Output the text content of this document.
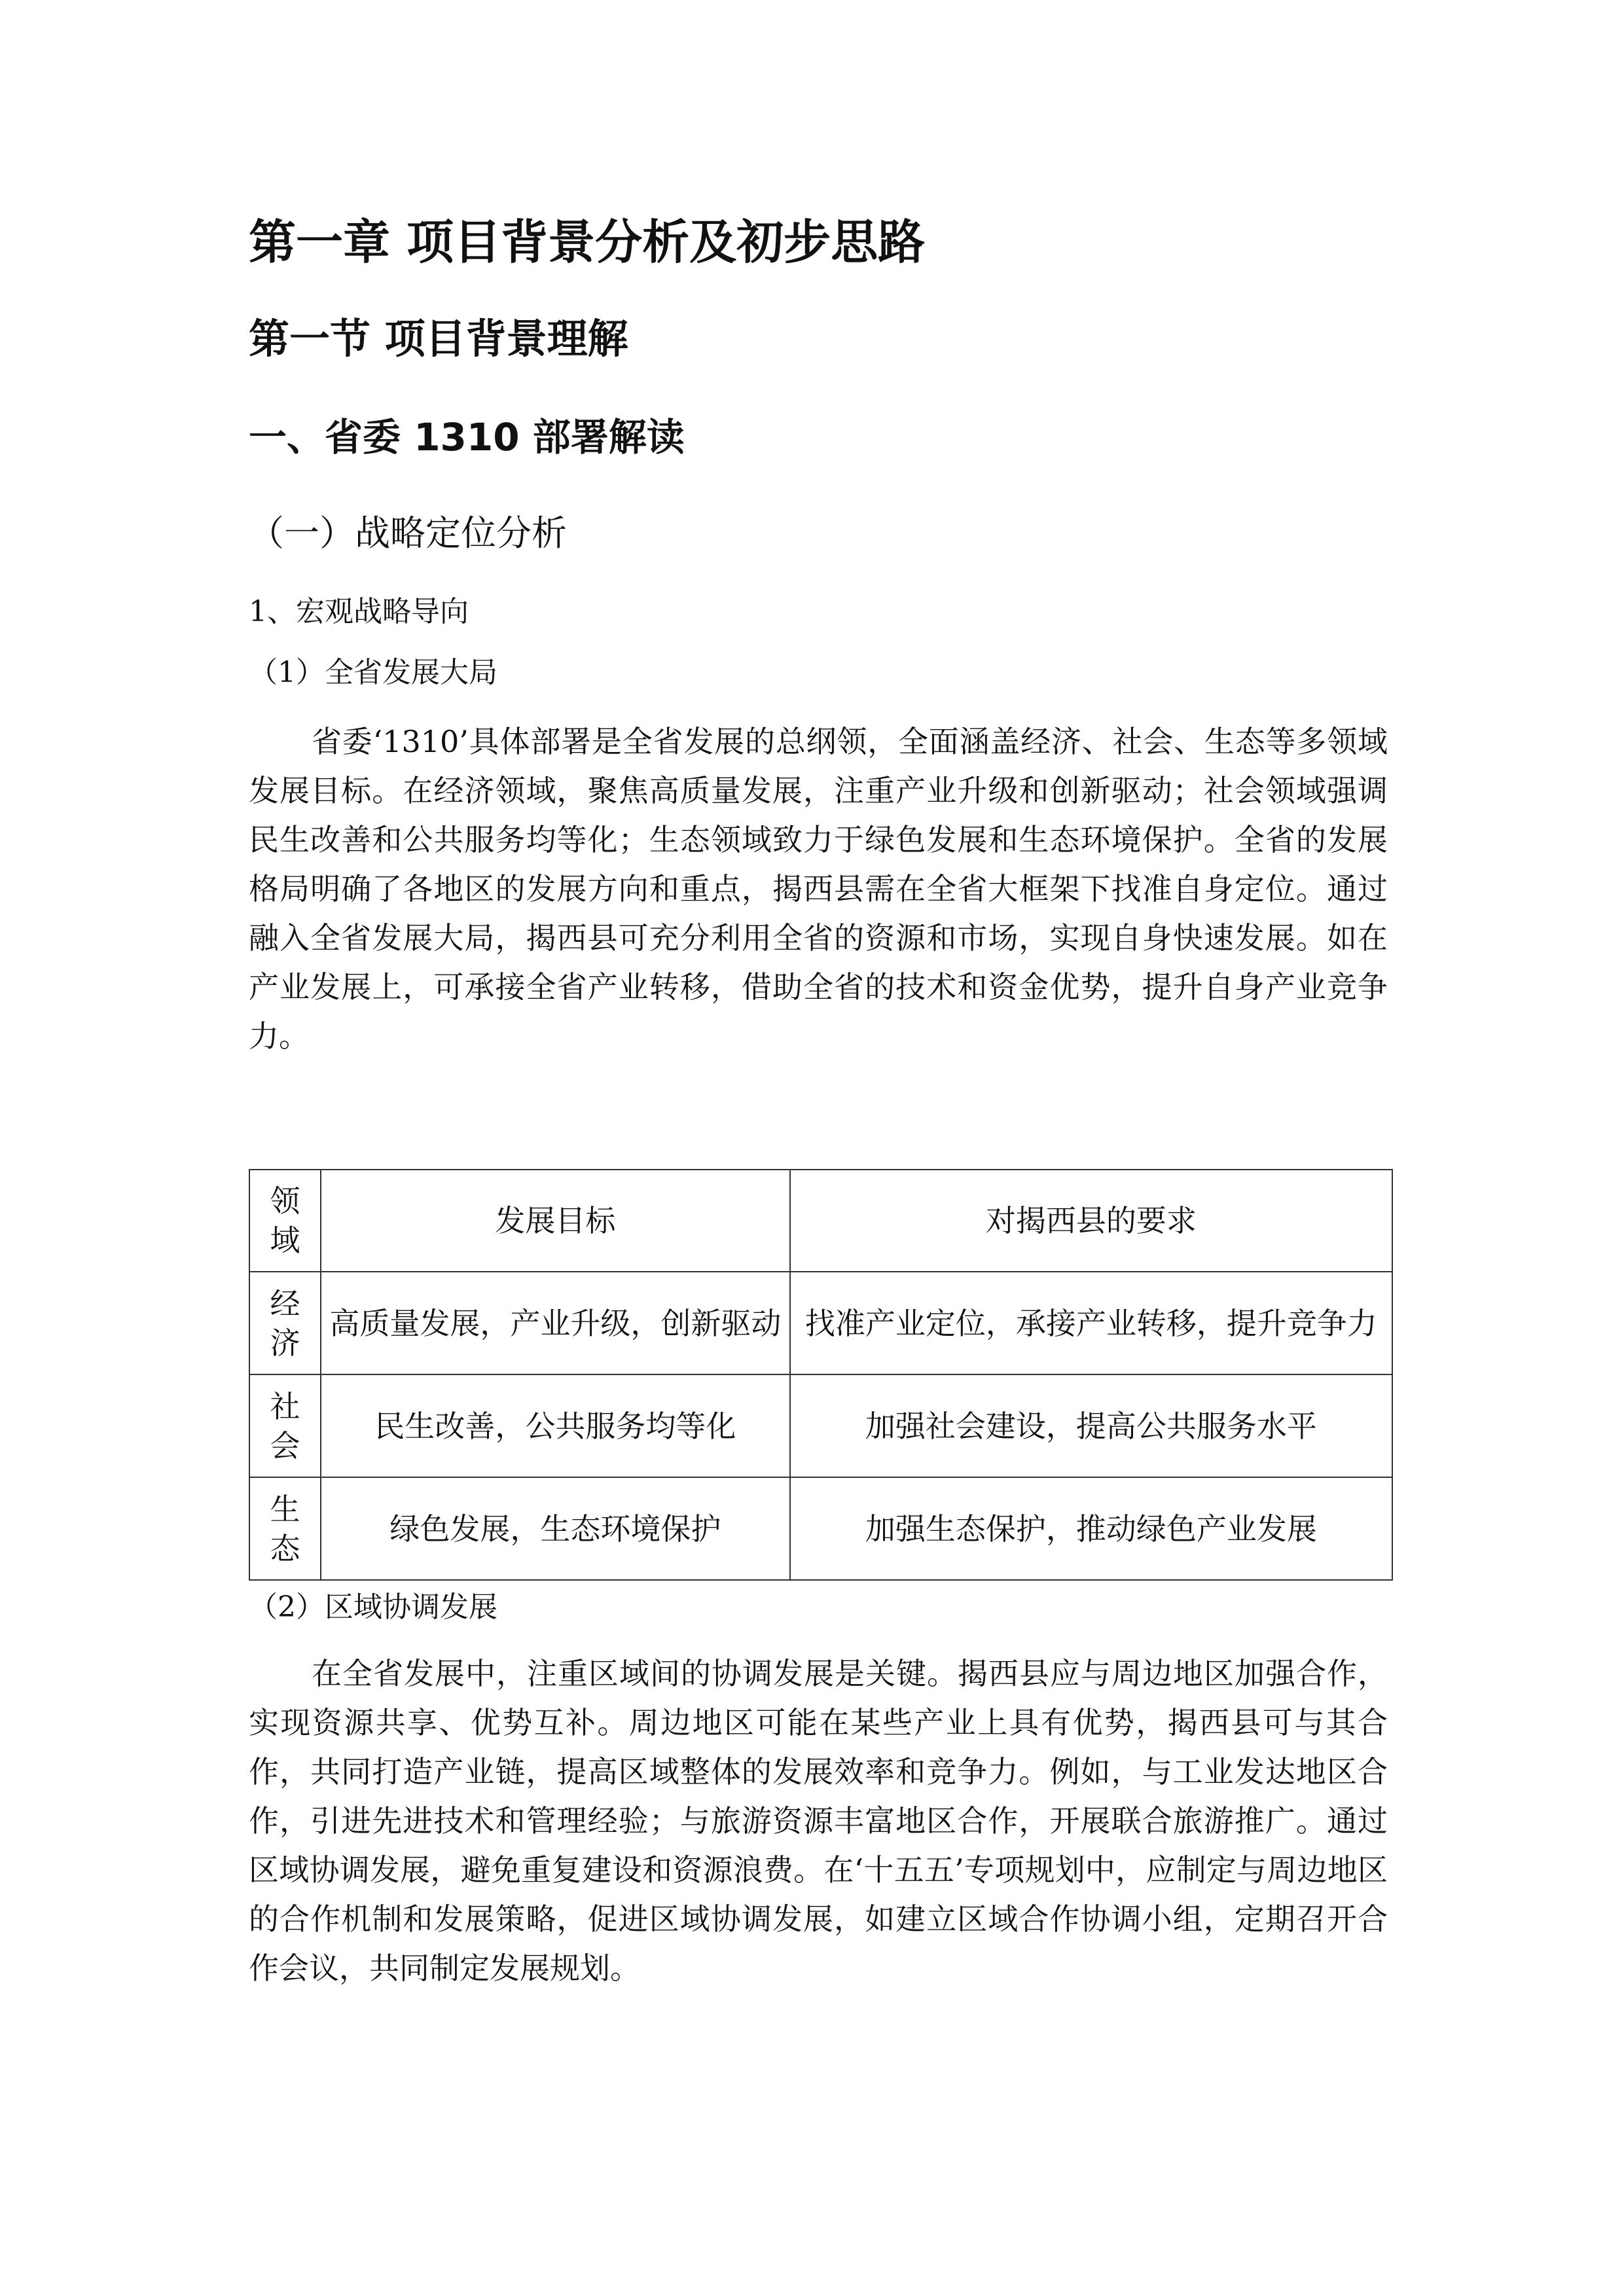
第一章 项目背景分析及初步思路
第一节 项目背景理解
一、省委 1310 部署解读
（一）战略定位分析
1、宏观战略导向
（1）全省发展大局
省委‘1310’具体部署是全省发展的总纲领，全面涵盖经济、社会、生态等多领域发展目标。在经济领域，聚焦高质量发展，注重产业升级和创新驱动；社会领域强调民生改善和公共服务均等化；生态领域致力于绿色发展和生态环境保护。全省的发展格局明确了各地区的发展方向和重点，揭西县需在全省大框架下找准自身定位。通过融入全省发展大局，揭西县可充分利用全省的资源和市场，实现自身快速发展。如在产业发展上，可承接全省产业转移，借助全省的技术和资金优势，提升自身产业竞争力。
领域	发展目标	对揭西县的要求

经济	高质量发展，产业升级，创新驱动	找准产业定位，承接产业转移，提升竞争力

社会	民生改善，公共服务均等化	加强社会建设，提高公共服务水平

生态	绿色发展，生态环境保护	加强生态保护，推动绿色产业发展
（2）区域协调发展
在全省发展中，注重区域间的协调发展是关键。揭西县应与周边地区加强合作，实现资源共享、优势互补。周边地区可能在某些产业上具有优势，揭西县可与其合作，共同打造产业链，提高区域整体的发展效率和竞争力。例如，与工业发达地区合作，引进先进技术和管理经验；与旅游资源丰富地区合作，开展联合旅游推广。通过区域协调发展，避免重复建设和资源浪费。在‘十五五’专项规划中，应制定与周边地区的合作机制和发展策略，促进区域协调发展，如建立区域合作协调小组，定期召开合作会议，共同制定发展规划。
